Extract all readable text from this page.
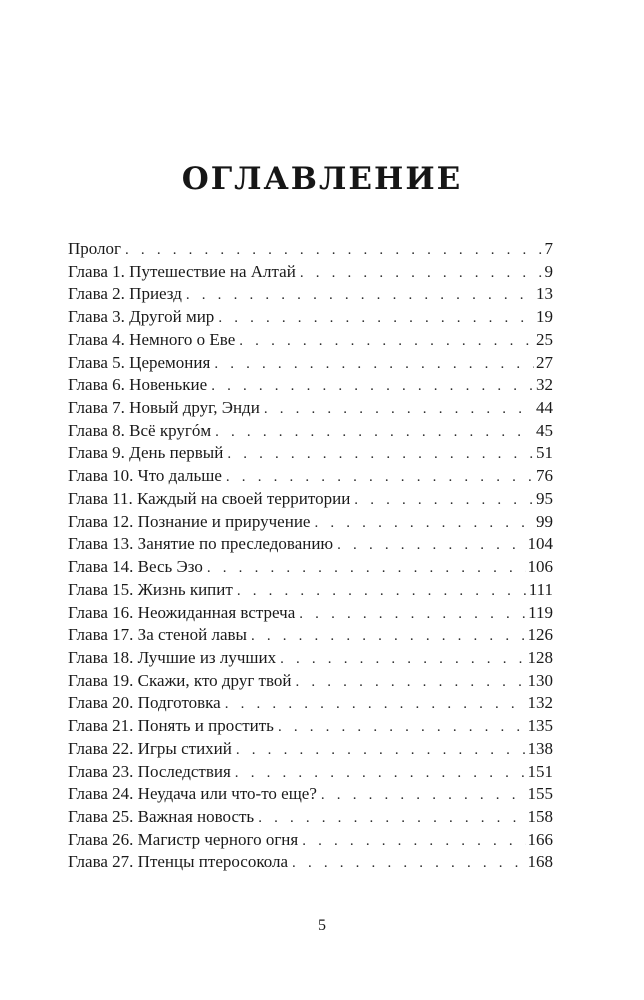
ОГЛАВЛЕНИЕ
Пролог . . .	7
Глава 1. Путешествие на Алтай . . .	9
Глава 2. Приезд . . .	13
Глава 3. Другой мир . . .	19
Глава 4. Немного о Еве . . .	25
Глава 5. Церемония . . .	27
Глава 6. Новенькие . . .	32
Глава 7. Новый друг, Энди . . .	44
Глава 8. Всё кругóм . . .	45
Глава 9. День первый . . .	51
Глава 10. Что дальше . . .	76
Глава 11. Каждый на своей территории . . .	95
Глава 12. Познание и приручение . . .	99
Глава 13. Занятие по преследованию . . .	104
Глава 14. Весь Эзо . . .	106
Глава 15. Жизнь кипит . . .	111
Глава 16. Неожиданная встреча . . .	119
Глава 17. За стеной лавы . . .	126
Глава 18. Лучшие из лучших . . .	128
Глава 19. Скажи, кто друг твой . . .	130
Глава 20. Подготовка . . .	132
Глава 21. Понять и простить . . .	135
Глава 22. Игры стихий . . .	138
Глава 23. Последствия . . .	151
Глава 24. Неудача или что-то еще? . . .	155
Глава 25. Важная новость . . .	158
Глава 26. Магистр черного огня . . .	166
Глава 27. Птенцы птеросокола . . .	168
5
